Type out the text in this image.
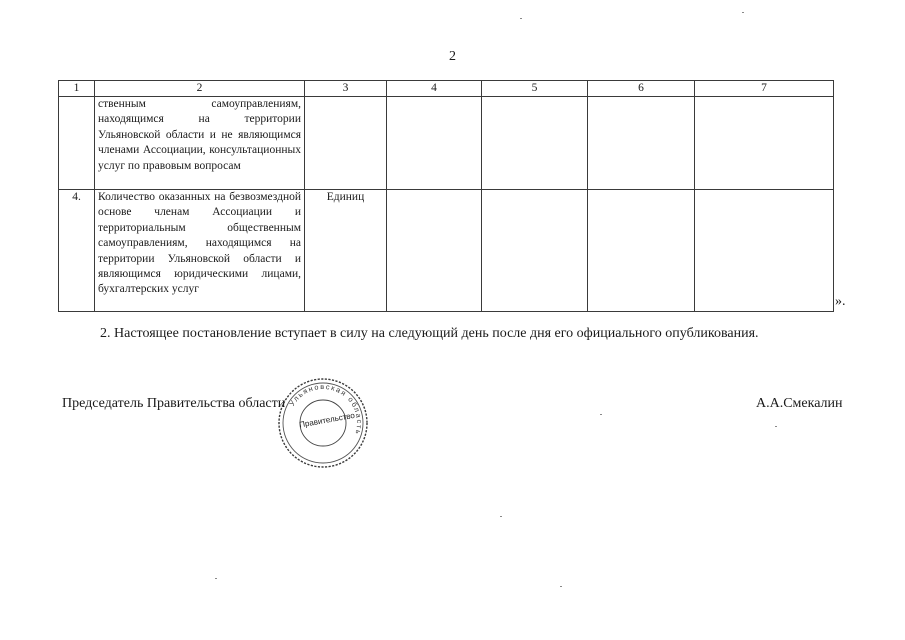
2
1	2	3	4	5	6	7
	ственным самоуправлениям, находящимся на территории Ульяновской области и не являющимся членами Ассоциации, консультационных услуг по правовым вопросам					
4.	Количество оказанных на безвозмездной основе членам Ассоциации и территориальным общественным самоуправлениям, находящимся на территории Ульяновской области и являющимся юридическими лицами, бухгалтерских услуг	Единиц				
».
2. Настоящее постановление вступает в силу на следующий день после дня его официального опубликования.
Председатель Правительства области Ульяновская область
Правительство
А.А.Смекалин
